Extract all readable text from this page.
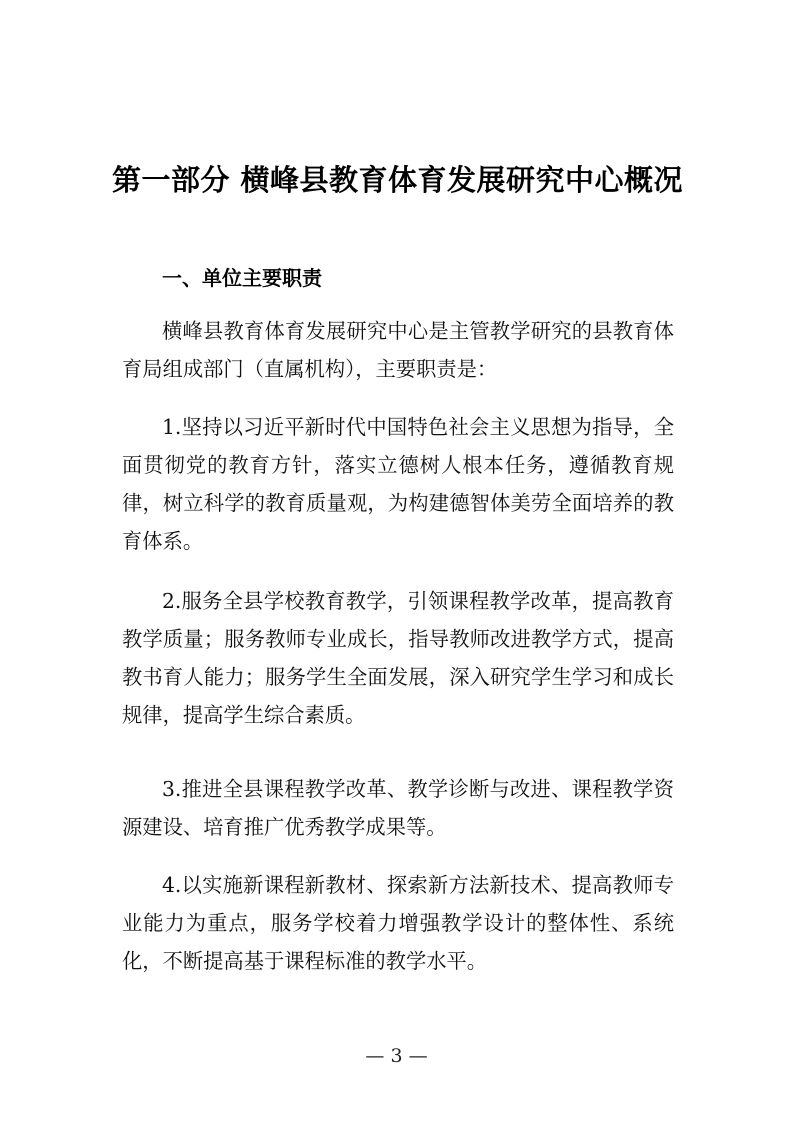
第一部分 横峰县教育体育发展研究中心概况
一、单位主要职责

横峰县教育体育发展研究中心是主管教学研究的县教育体育局组成部门（直属机构），主要职责是：

1.坚持以习近平新时代中国特色社会主义思想为指导，全面贯彻党的教育方针，落实立德树人根本任务，遵循教育规律，树立科学的教育质量观，为构建德智体美劳全面培养的教育体系。

2.服务全县学校教育教学，引领课程教学改革，提高教育教学质量；服务教师专业成长，指导教师改进教学方式，提高教书育人能力；服务学生全面发展，深入研究学生学习和成长规律，提高学生综合素质。

3.推进全县课程教学改革、教学诊断与改进、课程教学资源建设、培育推广优秀教学成果等。

4.以实施新课程新教材、探索新方法新技术、提高教师专业能力为重点，服务学校着力增强教学设计的整体性、系统化，不断提高基于课程标准的教学水平。

— 3 —
